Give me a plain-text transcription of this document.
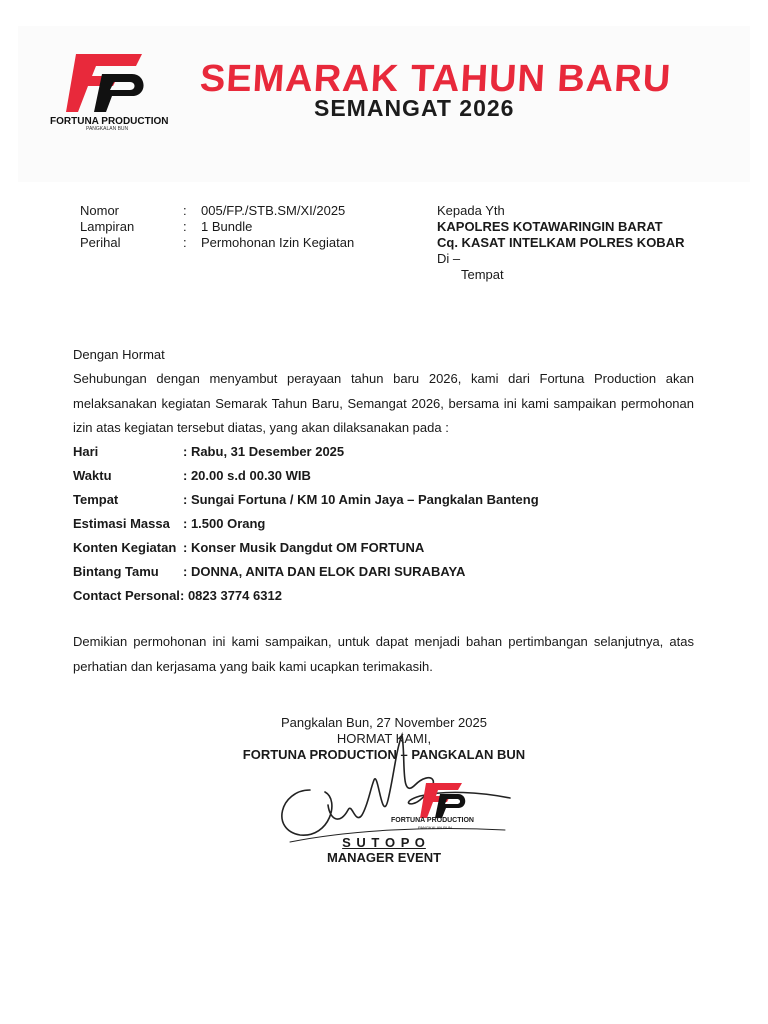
FORTUNA PRODUCTION
PANGKALAN BUN
SEMARAK TAHUN BARU
SEMANGAT 2026
Nomor	: 005/FP./STB.SM/XI/2025
Lampiran	: 1 Bundle
Perihal	: Permohonan Izin Kegiatan
Kepada Yth
KAPOLRES KOTAWARINGIN BARAT
Cq. KASAT INTELKAM POLRES KOBAR
Di –
Tempat
Dengan Hormat
Sehubungan dengan menyambut perayaan tahun baru 2026, kami dari Fortuna Production akan melaksanakan kegiatan Semarak Tahun Baru, Semangat 2026, bersama ini kami sampaikan permohonan izin atas kegiatan tersebut diatas, yang akan dilaksanakan pada :
Hari	: Rabu, 31 Desember 2025
Waktu	: 20.00 s.d 00.30 WIB
Tempat	: Sungai Fortuna / KM 10 Amin Jaya – Pangkalan Banteng
Estimasi Massa : 1.500 Orang
Konten Kegiatan : Konser Musik Dangdut OM FORTUNA
Bintang Tamu : DONNA, ANITA DAN ELOK DARI SURABAYA
Contact Personal : 0823 3774 6312
Demikian permohonan ini kami sampaikan, untuk dapat menjadi bahan pertimbangan selanjutnya, atas perhatian dan kerjasama yang baik kami ucapkan terimakasih.
Pangkalan Bun, 27 November 2025
HORMAT KAMI,
FORTUNA PRODUCTION – PANGKALAN BUN
FORTUNA PRODUCTION
PANGKALAN BUN
S U T O P O
MANAGER EVENT
